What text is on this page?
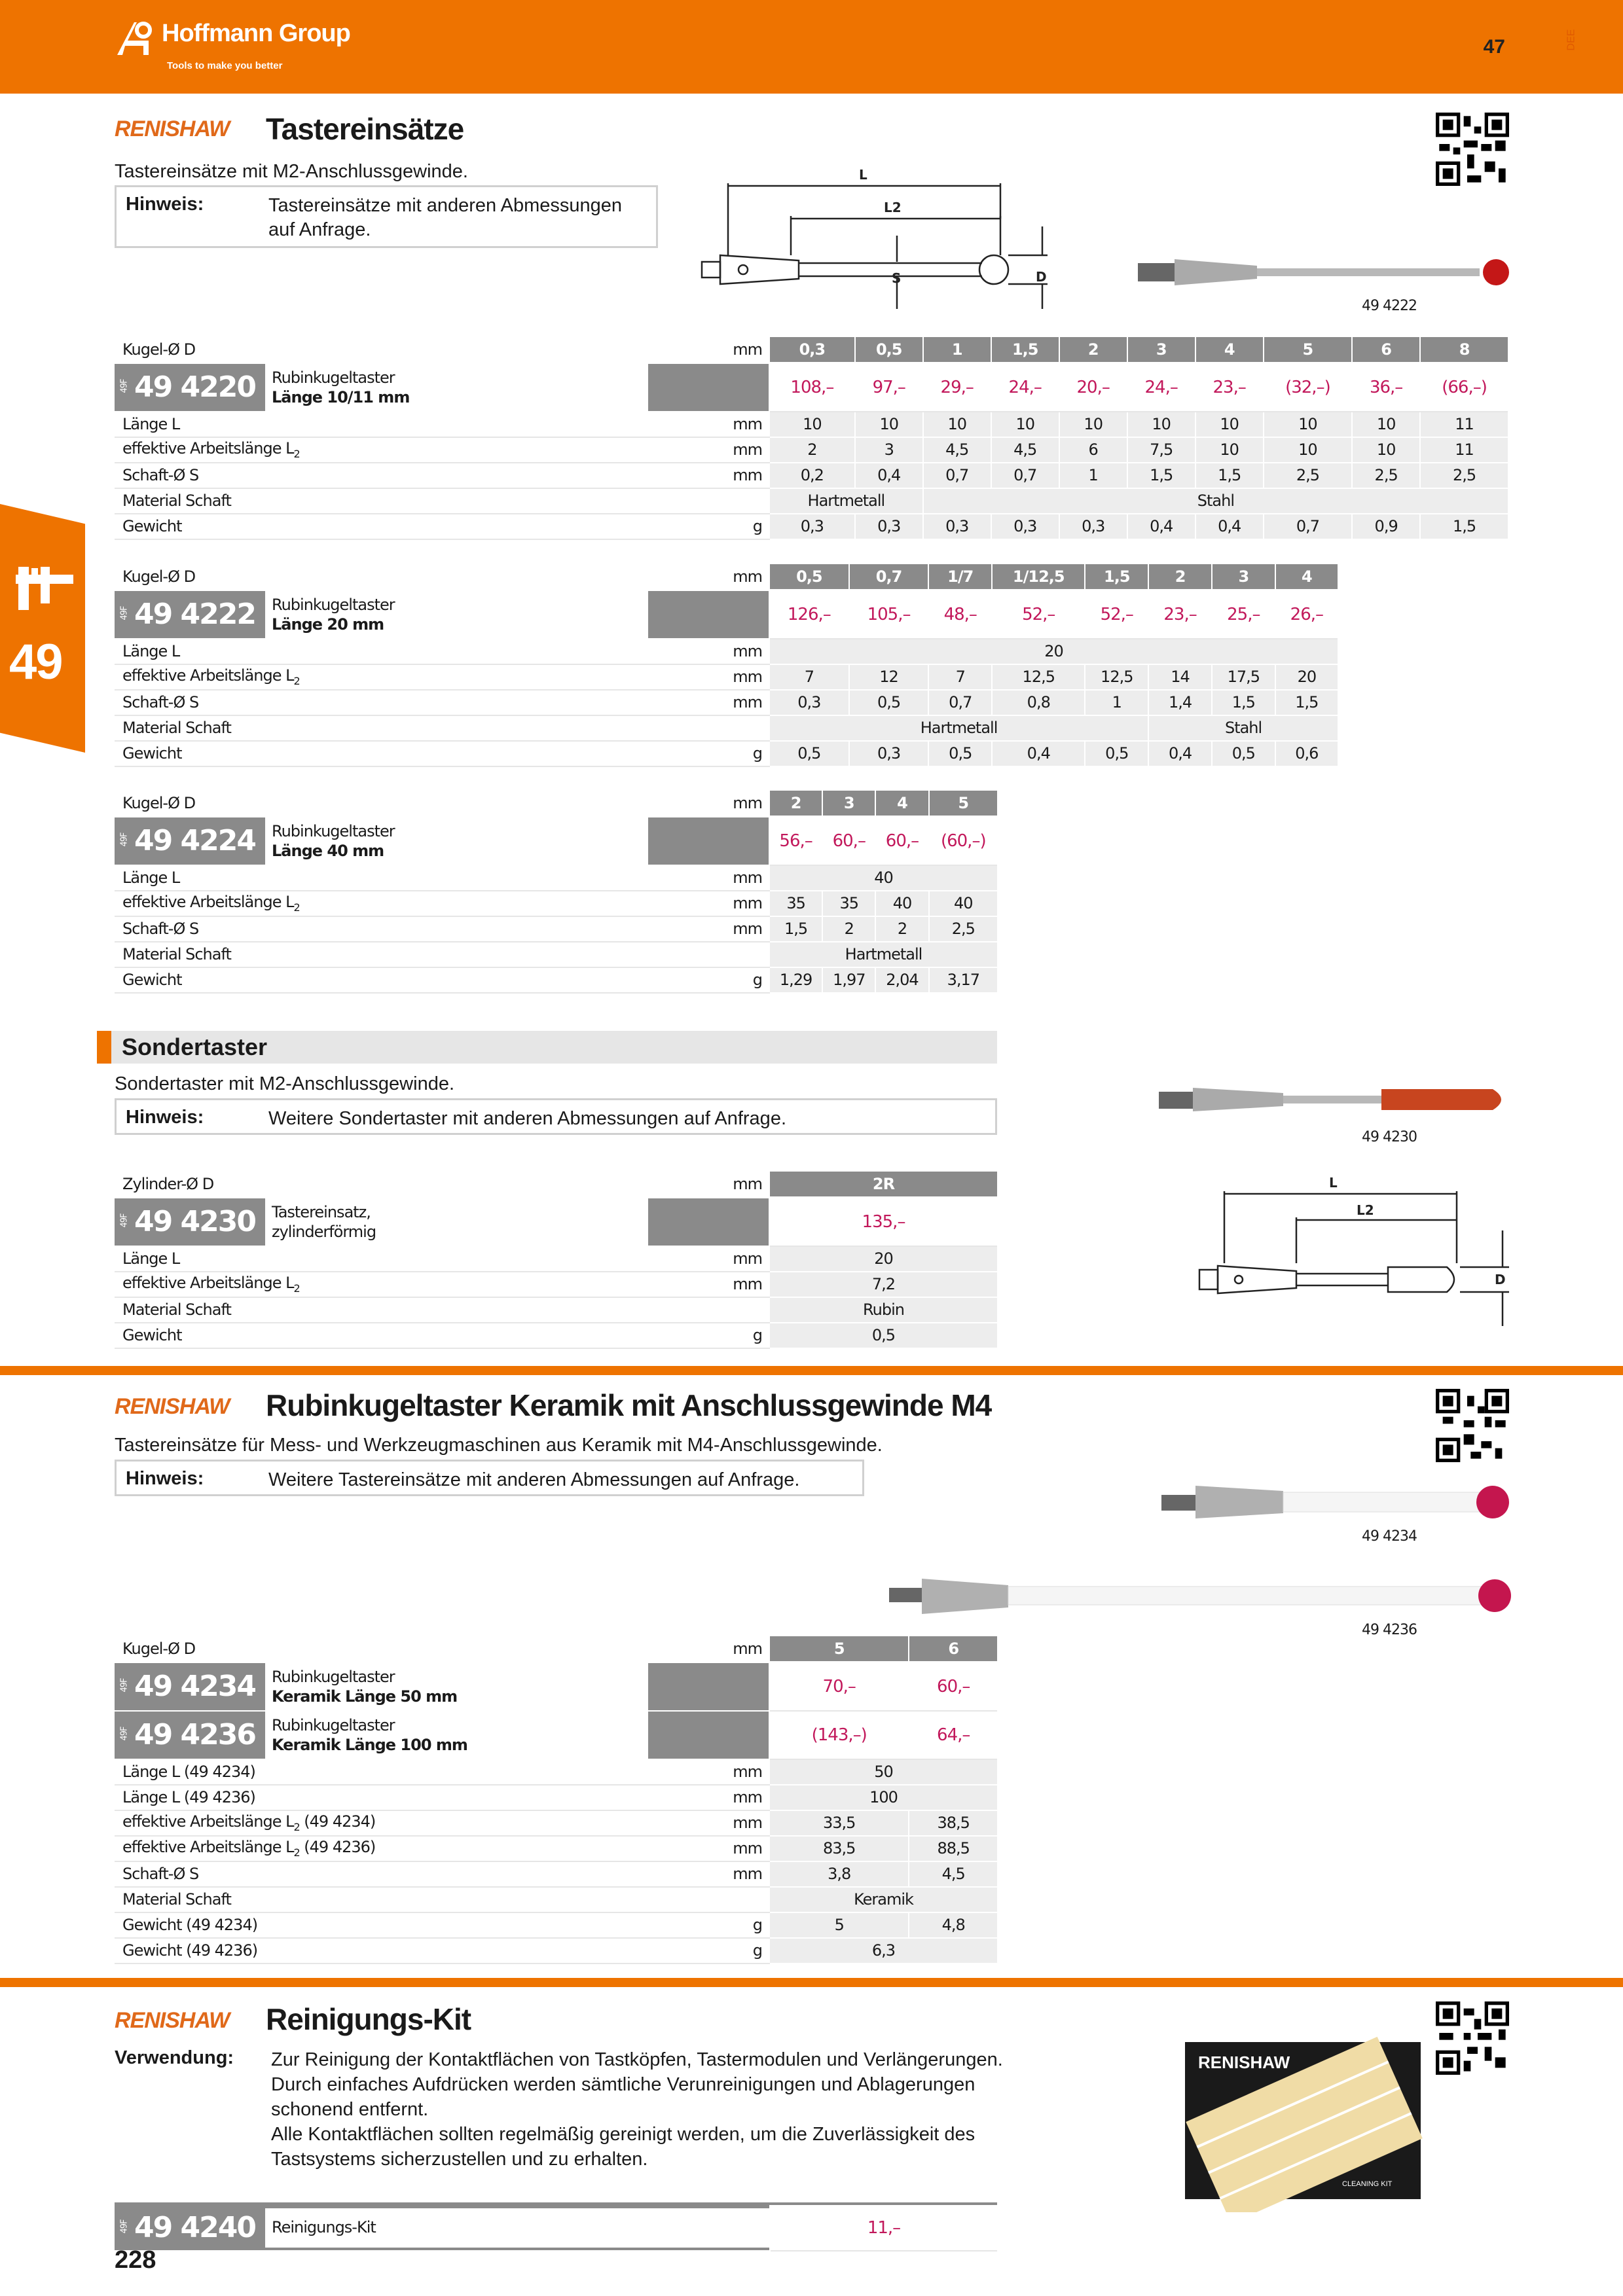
Hoffmann Group
Tools to make you better
47	DEE
49
RENISHAW Tastereinsätze
Tastereinsätze mit M2-Anschlussgewinde.
Hinweis:	Tastereinsätze mit anderen Abmessungen
auf Anfrage.
L
L2
S	D
49 4222
Kugel-Ø D	mm	0,3	0,5	1	1,5	2	3	4	5	6	8

49F 49 4220 Rubinkugeltaster
Länge 10/11 mm		108,–	97,–	29,–	24,–	20,–	24,–	23,–	(32,–)	36,–	(66,–)
Länge L	mm	10	10	10	10	10	10	10	10	10	11
effektive Arbeitslänge $L_2$	mm	2	3	4,5	4,5	6	7,5	10	10	10	11
Schaft-Ø S	mm	0,2	0,4	0,7	0,7	1	1,5	1,5	2,5	2,5	2,5
Material Schaft		Hartmetall		Stahl							
Gewicht	g	0,3	0,3	0,3	0,3	0,3	0,4	0,4	0,7	0,9	1,5
Kugel-Ø D	mm	0,5	0,7	1/7	1/12,5	1,5	2	3	4

49F 49 4222 Rubinkugeltaster
Länge 20 mm		126,–	105,–	48,–	52,–	52,–	23,–	25,–	26,–
Länge L	mm	20							
effektive Arbeitslänge $L_2$	mm	7	12	7	12,5	12,5	14	17,5	20
Schaft-Ø S	mm	0,3	0,5	0,7	0,8	1	1,4	1,5	1,5
Material Schaft		Hartmetall					Stahl		
Gewicht	g	0,5	0,3	0,5	0,4	0,5	0,4	0,5	0,6
Kugel-Ø D	mm	2	3	4	5

49F 49 4224 Rubinkugeltaster
Länge 40 mm		56,–	60,–	60,–	(60,–)
Länge L	mm	40			
effektive Arbeitslänge $L_2$	mm	35	35	40	40
Schaft-Ø S	mm	1,5	2	2	2,5
Material Schaft		Hartmetall			
Gewicht	g	1,29	1,97	2,04	3,17
Sondertaster
Sondertaster mit M2-Anschlussgewinde.
Hinweis:	Weitere Sondertaster mit anderen Abmessungen auf Anfrage.
49 4230
L
L2
D
Zylinder-Ø D	mm	2R

49F 49 4230 Tastereinsatz,
zylinderförmig		135,–
Länge L	mm	20
effektive Arbeitslänge $L_2$	mm	7,2
Material Schaft		Rubin
Gewicht	g	0,5
RENISHAW Rubinkugeltaster Keramik mit Anschlussgewinde M4
Tastereinsätze für Mess- und Werkzeugmaschinen aus Keramik mit M4-Anschlussgewinde.
Hinweis:	Weitere Tastereinsätze mit anderen Abmessungen auf Anfrage.
49 4234
49 4236
Kugel-Ø D	mm	5	6

49F 49 4234 Rubinkugeltaster
Keramik Länge 50 mm		70,–	60,–

49F 49 4236 Rubinkugeltaster
Keramik Länge 100 mm		(143,–)	64,–
Länge L (49 4234)	mm	50	
Länge L (49 4236)	mm	100	
effektive Arbeitslänge $L_2$ (49 4234)	mm	33,5	38,5
effektive Arbeitslänge $L_2$ (49 4236)	mm	83,5	88,5
Schaft-Ø S	mm	3,8	4,5
Material Schaft		Keramik	
Gewicht (49 4234)	g	5	4,8
Gewicht (49 4236)	g	6,3	
RENISHAW Reinigungs-Kit
Verwendung: Zur Reinigung der Kontaktflächen von Tastköpfen, Tastermodulen und Verlängerungen.
Durch einfaches Aufdrücken werden sämtliche Verunreinigungen und Ablagerungen
schonend entfernt.
Alle Kontaktflächen sollten regelmäßig gereinigt werden, um die Zuverlässigkeit des
Tastsystems sicherzustellen und zu erhalten.
RENISHAW
CLEANING KIT
49F 49 4240	Reinigungs-Kit	11,–
228
